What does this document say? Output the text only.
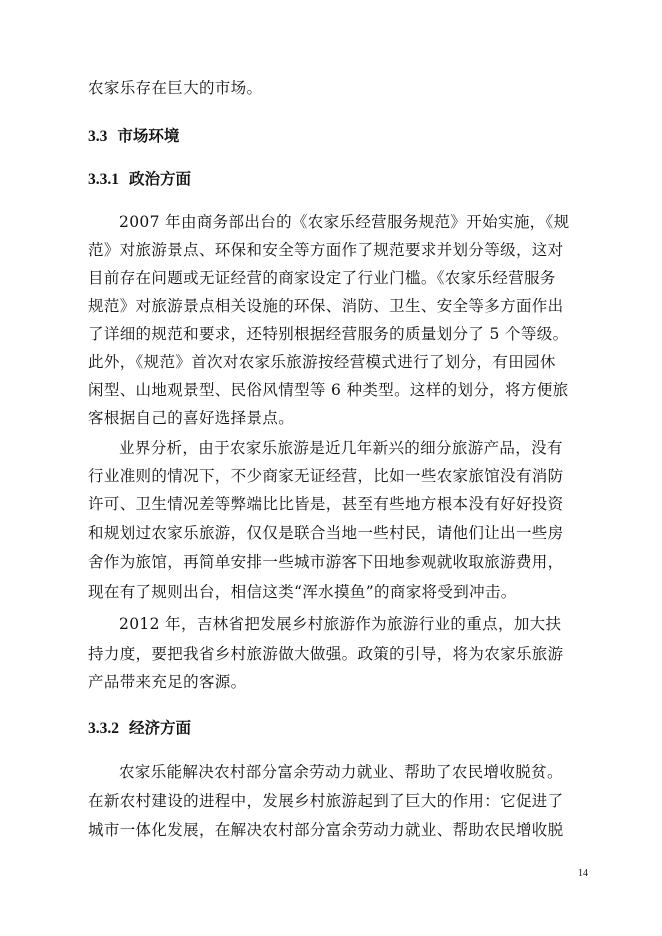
农家乐存在巨大的市场。
3.3 市场环境
3.3.1 政治方面
2007 年由商务部出台的《农家乐经营服务规范》开始实施，《规
范》对旅游景点、环保和安全等方面作了规范要求并划分等级，这对
目前存在问题或无证经营的商家设定了行业门槛。《农家乐经营服务
规范》对旅游景点相关设施的环保、消防、卫生、安全等多方面作出
了详细的规范和要求，还特别根据经营服务的质量划分了 5 个等级。
此外，《规范》首次对农家乐旅游按经营模式进行了划分，有田园休
闲型、山地观景型、民俗风情型等 6 种类型。这样的划分，将方便旅
客根据自己的喜好选择景点。
业界分析，由于农家乐旅游是近几年新兴的细分旅游产品，没有
行业准则的情况下，不少商家无证经营，比如一些农家旅馆没有消防
许可、卫生情况差等弊端比比皆是，甚至有些地方根本没有好好投资
和规划过农家乐旅游，仅仅是联合当地一些村民，请他们让出一些房
舍作为旅馆，再简单安排一些城市游客下田地参观就收取旅游费用，
现在有了规则出台，相信这类“浑水摸鱼”的商家将受到冲击。
2012 年，吉林省把发展乡村旅游作为旅游行业的重点，加大扶
持力度，要把我省乡村旅游做大做强。政策的引导，将为农家乐旅游
产品带来充足的客源。
3.3.2 经济方面
农家乐能解决农村部分富余劳动力就业、帮助了农民增收脱贫。
在新农村建设的进程中，发展乡村旅游起到了巨大的作用：它促进了
城市一体化发展，在解决农村部分富余劳动力就业、帮助农民增收脱
14
